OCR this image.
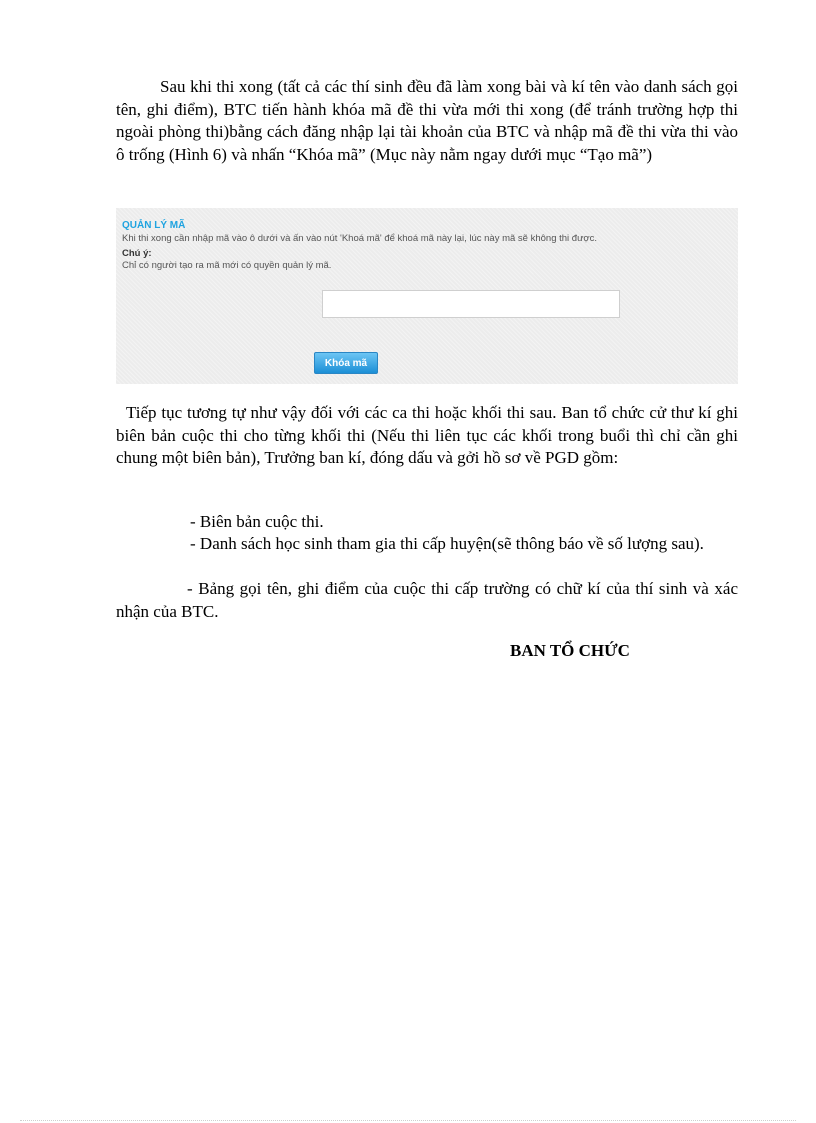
Sau khi thi xong (tất cả các thí sinh đều đã làm xong bài và kí tên vào danh sách gọi tên, ghi điểm), BTC tiến hành khóa mã đề thi vừa mới thi xong (để tránh trường hợp thi ngoài phòng thi)bằng cách đăng nhập lại tài khoản của BTC và nhập mã đề thi vừa thi vào ô trống (Hình 6) và nhấn “Khóa mã” (Mục này nằm ngay dưới mục “Tạo mã”)

QUẢN LÝ MÃ
Khi thi xong cần nhập mã vào ô dưới và ấn vào nút 'Khoá mã' để khoá mã này lại, lúc này mã sẽ không thi được.
Chú ý:
Chỉ có người tạo ra mã mới có quyền quản lý mã.
Khóa mã

Tiếp tục tương tự như vậy đối với các ca thi hoặc khối thi sau. Ban tổ chức cử thư kí ghi biên bản cuộc thi cho từng khối thi (Nếu thi liên tục các khối trong buổi thì chỉ cần ghi chung một biên bản), Trưởng ban kí, đóng dấu và gởi hồ sơ về PGD gồm:

- Biên bản cuộc thi.

- Danh sách học sinh tham gia thi cấp huyện(sẽ thông báo về số lượng sau).

- Bảng gọi tên, ghi điểm của cuộc thi cấp trường có chữ kí của thí sinh và xác nhận của BTC.

BAN TỔ CHỨC
